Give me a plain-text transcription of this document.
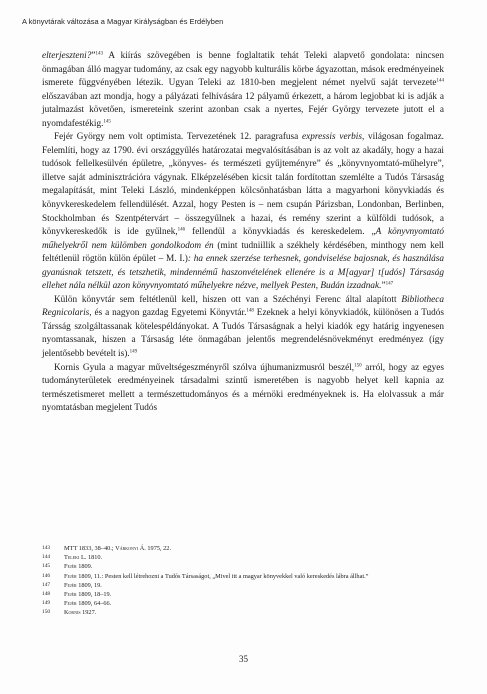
A könyvtárak változása a Magyar Királyságban és Erdélyben

elterjeszteni?”$^{143}$ A kiírás szövegében is benne foglaltatik tehát Teleki alapvető gondolata: nincsen önmagában álló magyar tudomány, az csak egy nagyobb kulturális körbe ágyazottan, mások eredményeinek ismerete függvényében létezik. Ugyan Teleki az 1810-ben megjelent német nyelvű saját tervezete$^{144}$ előszavában azt mondja, hogy a pályázati felhívására 12 pályamű érkezett, a három legjobbat ki is adják a jutalmazást követően, ismereteink szerint azonban csak a nyertes, Fejér György tervezete jutott el a nyomdafestékig.$^{145}$

Fejér György nem volt optimista. Tervezetének 12. paragrafusa expressis verbis, világosan fogalmaz. Felemlíti, hogy az 1790. évi országgyűlés határozatai megvalósításában is az volt az akadály, hogy a hazai tudósok fellelkesülvén épületre, „könyves- és természeti gyűjteményre” és „könyvnyomtató-műhelyre”, illetve saját adminisztrációra vágynak. Elképzelésében kicsit talán fordítottan szemlélte a Tudós Társaság megalapítását, mint Teleki László, mindenképpen kölcsönhatásban látta a magyarhoni könyvkiadás és könyvkereskedelem fellendülését. Azzal, hogy Pesten is – nem csupán Párizsban, Londonban, Berlinben, Stockholmban és Szentpétervárt – összegyűlnek a hazai, és remény szerint a külföldi tudósok, a könyvkereskedők is ide gyűlnek,$^{146}$ fellendül a könyvkiadás és kereskedelem. „A könyvnyomtató műhelyekről nem külömben gondolkodom én (mint tudniillik a székhely kérdésében, minthogy nem kell feltétlenül rögtön külön épület – M. I.): ha ennek szerzése terhesnek, gondviselése bajosnak, és használása gyanúsnak tetszett, és tetszhetik, mindennémű haszonvételének ellenére is a M[agyar] t[udós] Társaság ellehet nála nélkül azon könyvnyomtató műhelyekre nézve, mellyek Pesten, Budán izzadnak.”$^{147}$

Külön könyvtár sem feltétlenül kell, hiszen ott van a Széchényi Ferenc által alapított Bibliotheca Regnicolaris, és a nagyon gazdag Egyetemi Könyvtár.$^{148}$ Ezeknek a helyi könyvkiadók, különösen a Tudós Társság szolgáltassanak kötelespéldányokat. A Tudós Társaságnak a helyi kiadók egy határig ingyenesen nyomtassanak, hiszen a Társaság léte önmagában jelentős megrendelésnövekményt eredményez (így jelentősebb bevételt is).$^{149}$

Kornis Gyula a magyar műveltségeszményről szólva újhumanizmusról beszél,$^{150}$ arról, hogy az egyes tudományterületek eredményeinek társadalmi szintű ismeretében is nagyobb helyet kell kapnia az természetismeret mellett a természettudományos és a mérnöki eredményeknek is. Ha elolvassuk a már nyomtatásban megjelent Tudós

143 MTT 1833, 38–40.; Várkonyi Á. 1975, 22.
144 Teleki L. 1810.
145 Fejér 1809.
146 Fejér 1809, 11.: Pesten kell létrehozni a Tudós Társaságot, „Mivel itt a magyar könyvekkel való kereskedés lábra állhat.”
147 Fejér 1809, 19.
148 Fejér 1809, 18–19.
149 Fejér 1809, 64–66.
150 Kornis 1927.
35
